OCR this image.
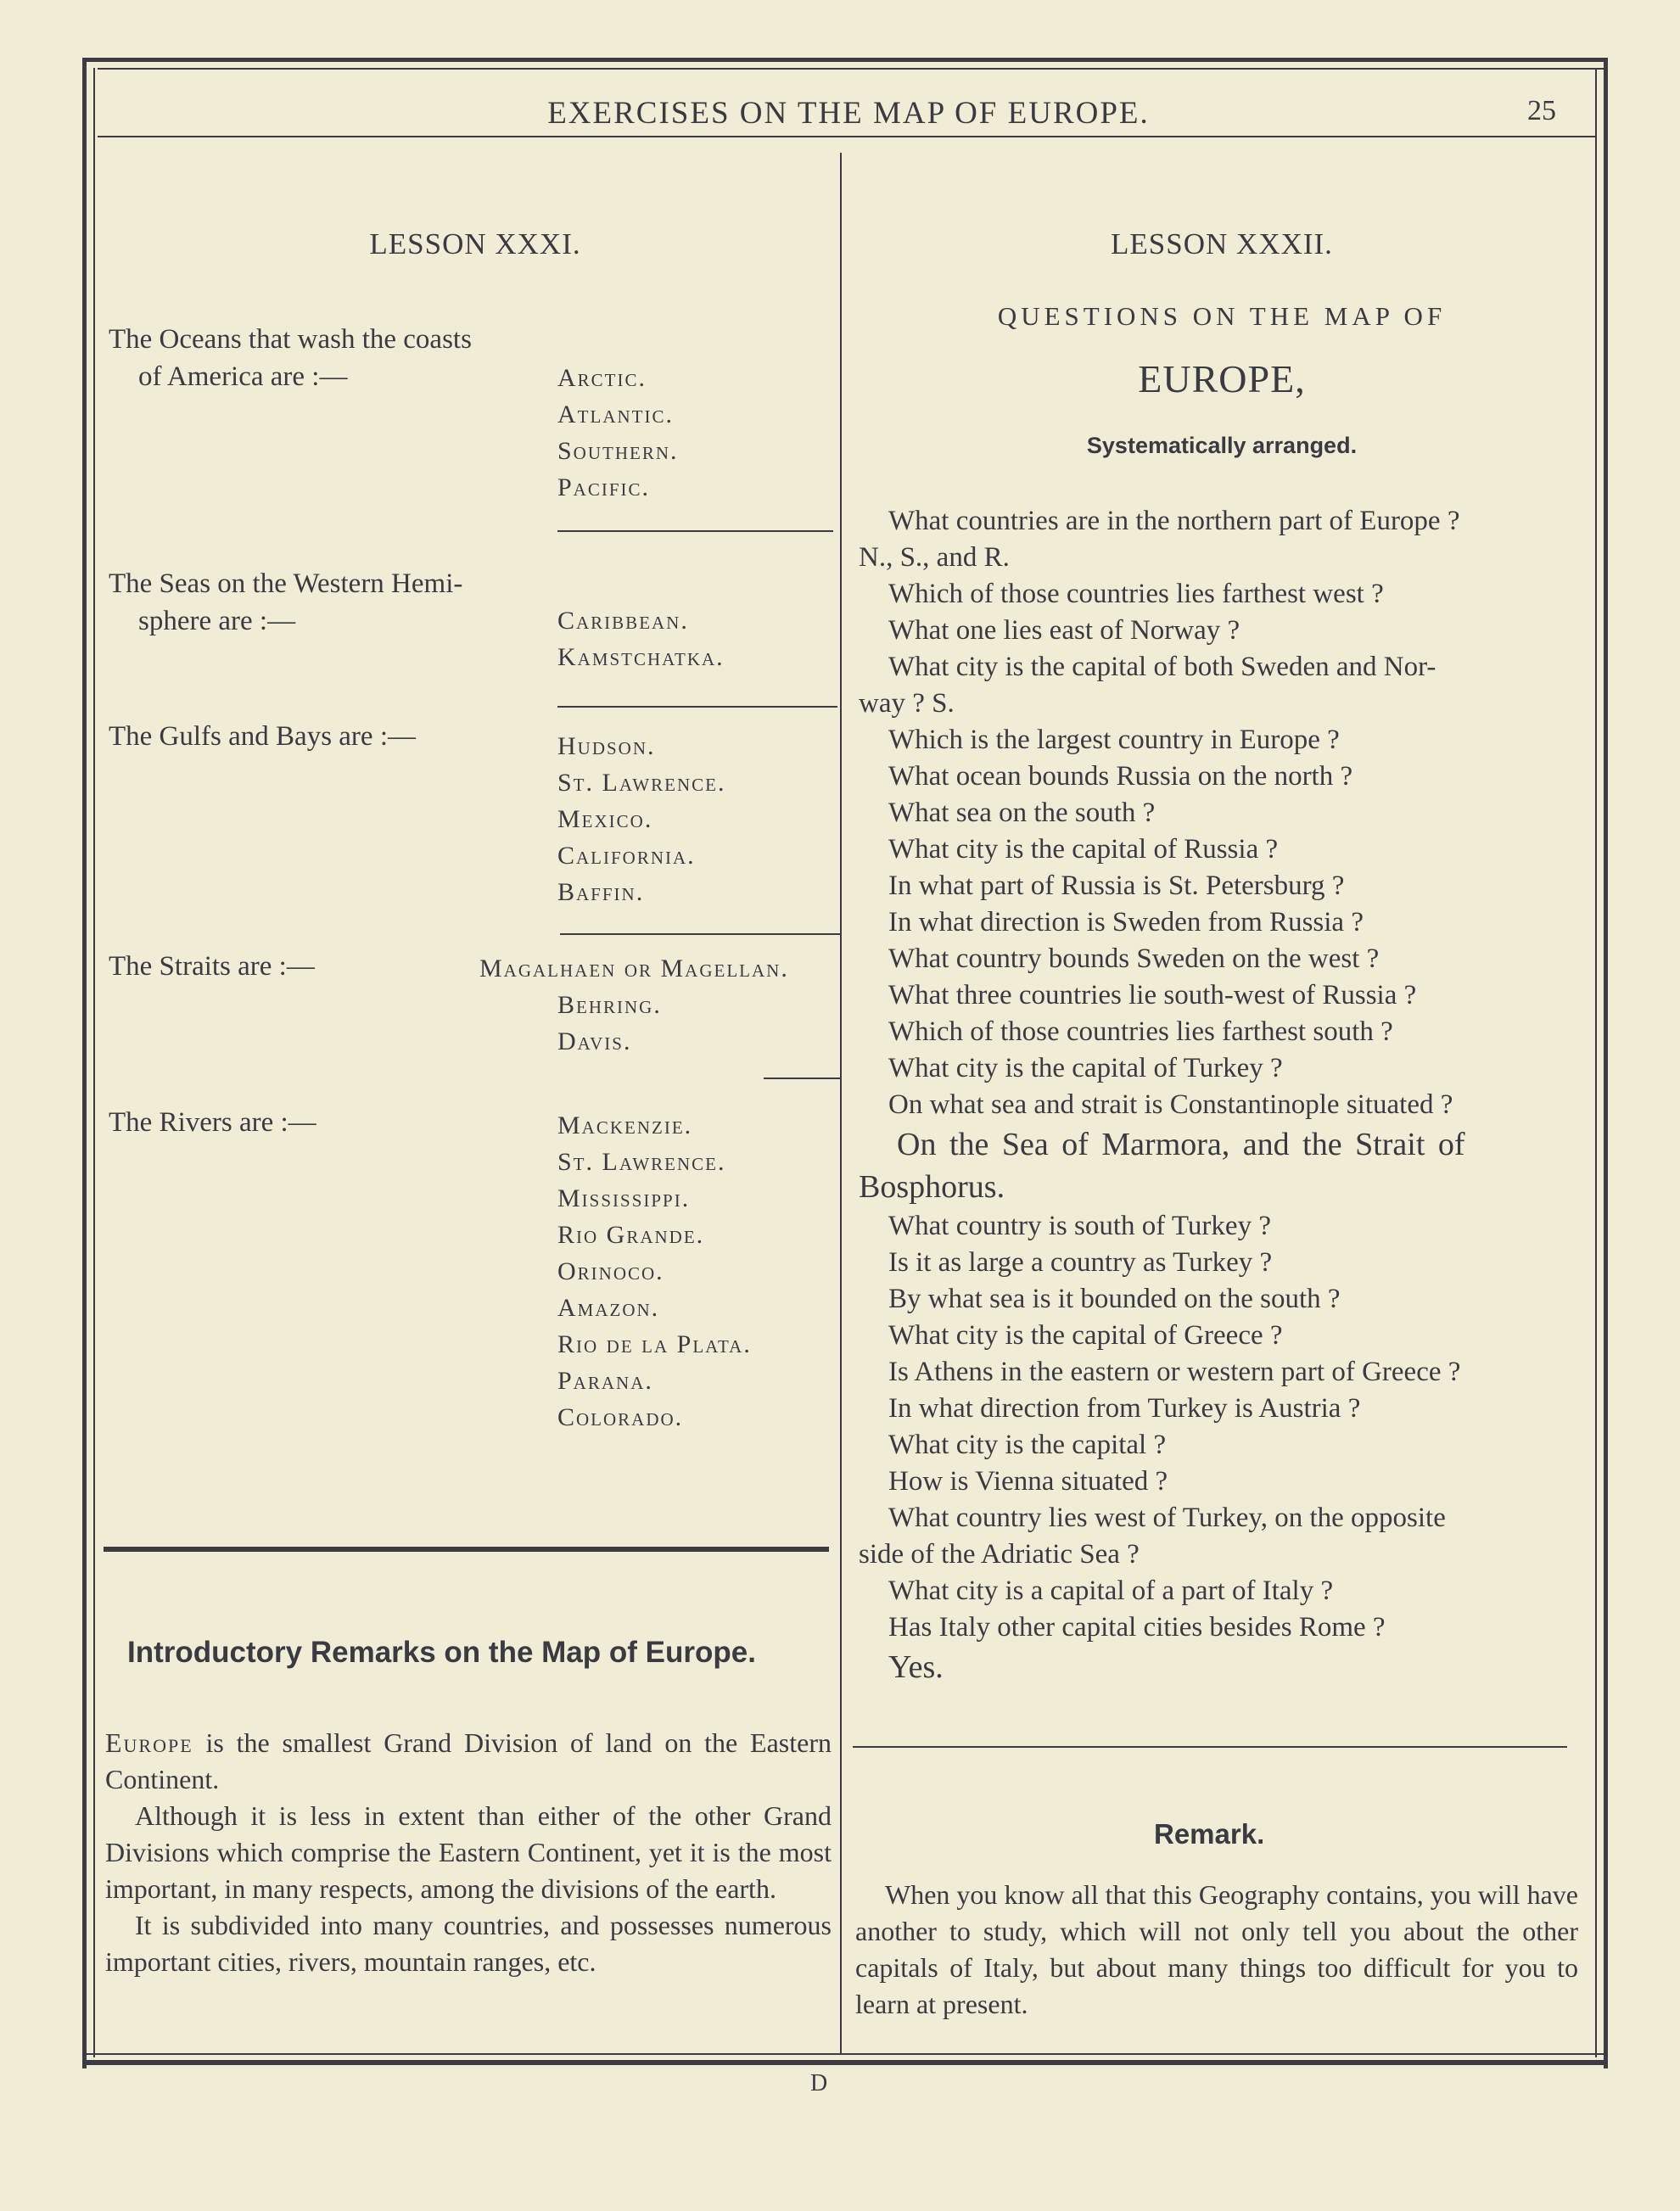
EXERCISES ON THE MAP OF EUROPE.	25
LESSON XXXI.
The Oceans that wash the coasts
of America are :—	Arctic.
Atlantic.
Southern.
Pacific.
The Seas on the Western Hemi-
sphere are :—	Caribbean.
Kamstchatka.
The Gulfs and Bays are :—	Hudson.
St. Lawrence.
Mexico.
California.
Baffin.
The Straits are :—	Magalhaen or Magellan.
Behring.
Davis.
The Rivers are :—	Mackenzie.
St. Lawrence.
Mississippi.
Rio Grande.
Orinoco.
Amazon.
Rio de la Plata.
Parana.
Colorado.
Introductory Remarks on the Map of Europe.

Europe is the smallest Grand Division of land on the Eastern Continent.

Although it is less in extent than either of the other Grand Divisions which comprise the Eastern Continent, yet it is the most important, in many respects, among the divisions of the earth.

It is subdivided into many countries, and possesses numerous important cities, rivers, mountain ranges, etc.

LESSON XXXII.
QUESTIONS ON THE MAP OF
EUROPE,
Systematically arranged.
What countries are in the northern part of Europe ?
N., S., and R.
Which of those countries lies farthest west ?
What one lies east of Norway ?
What city is the capital of both Sweden and Nor-
way ? S.
Which is the largest country in Europe ?
What ocean bounds Russia on the north ?
What sea on the south ?
What city is the capital of Russia ?
In what part of Russia is St. Petersburg ?
In what direction is Sweden from Russia ?
What country bounds Sweden on the west ?
What three countries lie south-west of Russia ?
Which of those countries lies farthest south ?
What city is the capital of Turkey ?
On what sea and strait is Constantinople situated ?
On the Sea of Marmora, and the Strait of
Bosphorus.
What country is south of Turkey ?
Is it as large a country as Turkey ?
By what sea is it bounded on the south ?
What city is the capital of Greece ?
Is Athens in the eastern or western part of Greece ?
In what direction from Turkey is Austria ?
What city is the capital ?
How is Vienna situated ?
What country lies west of Turkey, on the opposite
side of the Adriatic Sea ?
What city is a capital of a part of Italy ?
Has Italy other capital cities besides Rome ?
Yes.
Remark.

When you know all that this Geography contains, you will have another to study, which will not only tell you about the other capitals of Italy, but about many things too difficult for you to learn at present.

D
